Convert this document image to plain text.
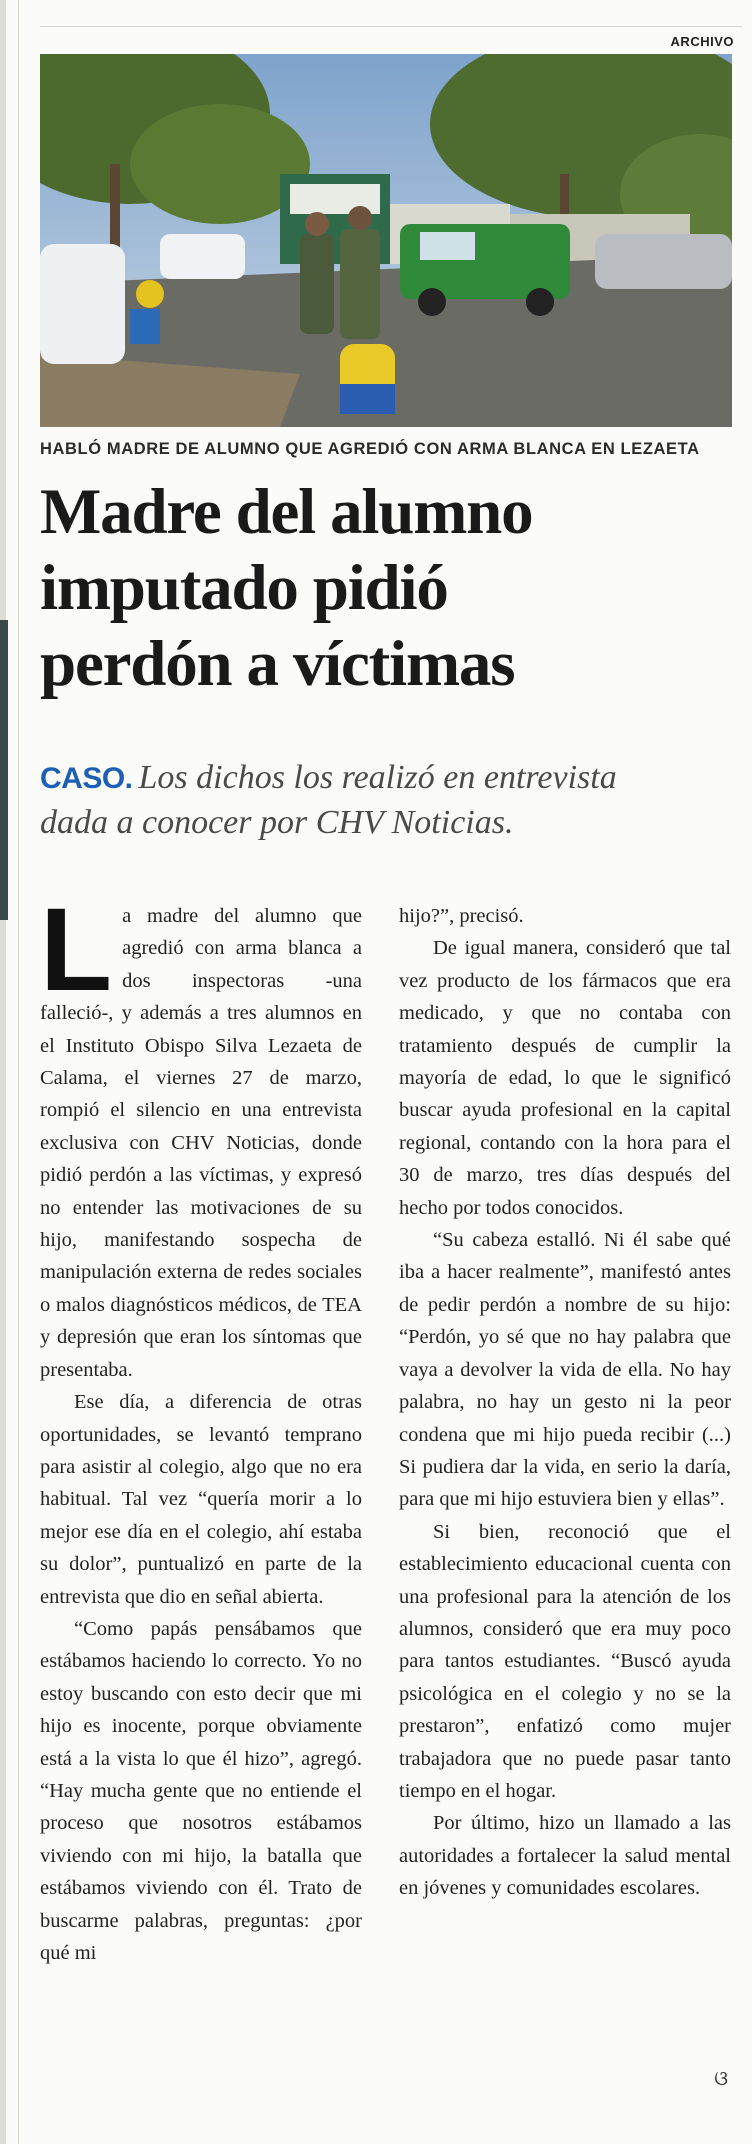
ARCHIVO
HABLÓ MADRE DE ALUMNO QUE AGREDIÓ CON ARMA BLANCA EN LEZAETA
Madre del alumno
imputado pidió
perdón a víctimas
CASO. Los dichos los realizó en entrevista
dada a conocer por CHV Noticias.

La madre del alumno que agredió con arma blanca a dos inspectoras -una falleció-, y además a tres alumnos en el Instituto Obispo Silva Lezaeta de Calama, el viernes 27 de marzo, rompió el silencio en una entrevista exclusiva con CHV Noticias, donde pidió perdón a las víctimas, y expresó no entender las motivaciones de su hijo, manifestando sospecha de manipulación externa de redes sociales o malos diagnósticos médicos, de TEA y depresión que eran los síntomas que presentaba.

Ese día, a diferencia de otras oportunidades, se levantó temprano para asistir al colegio, algo que no era habitual. Tal vez “quería morir a lo mejor ese día en el colegio, ahí estaba su dolor”, puntualizó en parte de la entrevista que dio en señal abierta.

“Como papás pensábamos que estábamos haciendo lo correcto. Yo no estoy buscando con esto decir que mi hijo es inocente, porque obviamente está a la vista lo que él hizo”, agregó. “Hay mucha gente que no entiende el proceso que nosotros estábamos viviendo con mi hijo, la batalla que estábamos viviendo con él. Trato de buscarme palabras, preguntas: ¿por qué mi

hijo?”, precisó.

De igual manera, consideró que tal vez producto de los fármacos que era medicado, y que no contaba con tratamiento después de cumplir la mayoría de edad, lo que le significó buscar ayuda profesional en la capital regional, contando con la hora para el 30 de marzo, tres días después del hecho por todos conocidos.

“Su cabeza estalló. Ni él sabe qué iba a hacer realmente”, manifestó antes de pedir perdón a nombre de su hijo: “Perdón, yo sé que no hay palabra que vaya a devolver la vida de ella. No hay palabra, no hay un gesto ni la peor condena que mi hijo pueda recibir (...) Si pudiera dar la vida, en serio la daría, para que mi hijo estuviera bien y ellas”.

Si bien, reconoció que el establecimiento educacional cuenta con una profesional para la atención de los alumnos, consideró que era muy poco para tantos estudiantes. “Buscó ayuda psicológica en el colegio y no se la prestaron”, enfatizó como mujer trabajadora que no puede pasar tanto tiempo en el hogar.

Por último, hizo un llamado a las autoridades a fortalecer la salud mental en jóvenes y comunidades escolares.

ଓ
